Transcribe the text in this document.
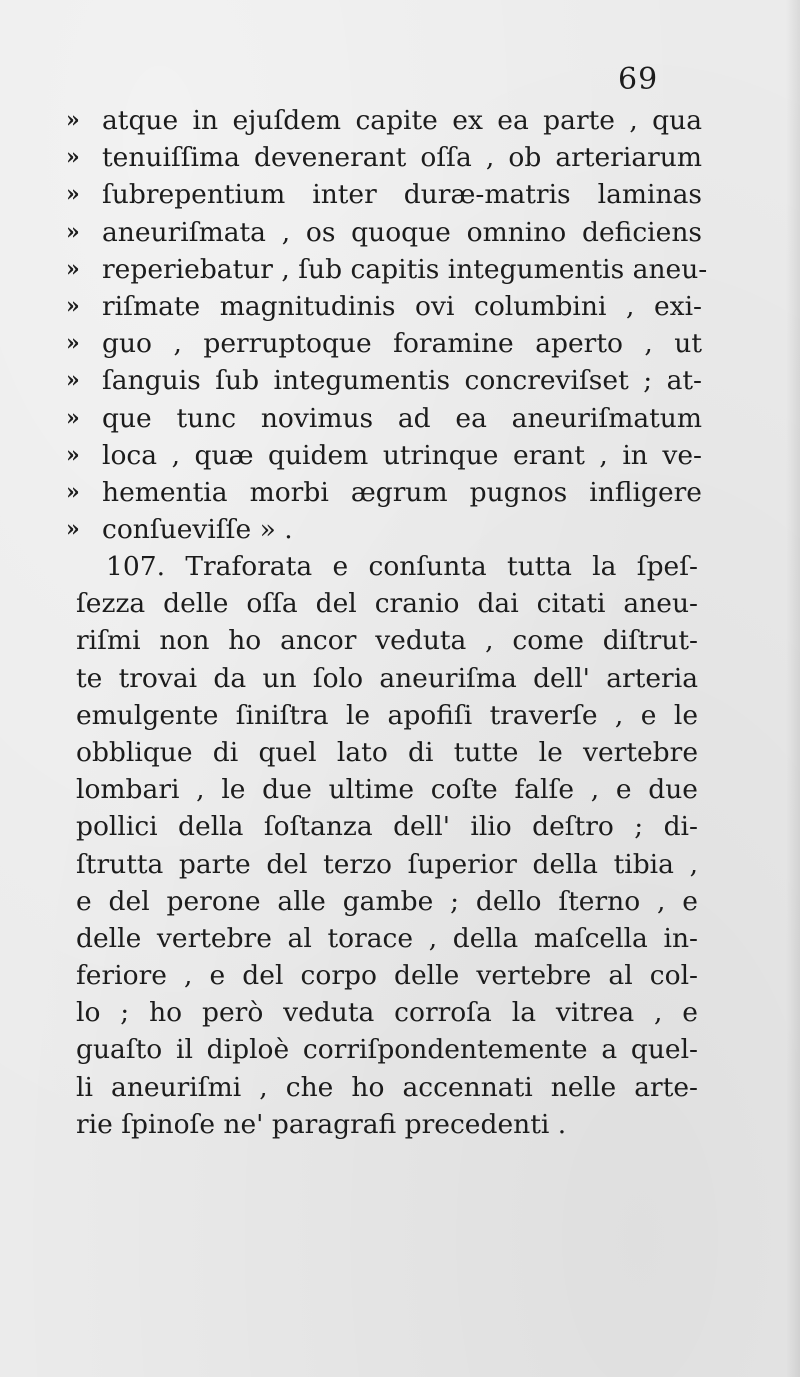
69
» atque in ejuſdem capite ex ea parte , qua
» tenuiſſima devenerant oſſa , ob arteriarum
» ſubrepentium inter duræ-matris laminas
» aneuriſmata , os quoque omnino deficiens
» reperiebatur , ſub capitis integumentis aneu-
» riſmate magnitudinis ovi columbini , exi-
» guo , perruptoque foramine aperto , ut
» ſanguis ſub integumentis concreviſset ; at-
» que tunc novimus ad ea aneuriſmatum
» loca , quæ quidem utrinque erant , in ve-
» hementia morbi ægrum pugnos infligere
» conſueviſſe » .
107. Traforata e conſunta tutta la ſpeſ-
ſezza delle oſſa del cranio dai citati aneu-
riſmi non ho ancor veduta , come diſtrut-
te trovai da un ſolo aneuriſma dell' arteria
emulgente ſiniſtra le apofiſi traverſe , e le
obblique di quel lato di tutte le vertebre
lombari , le due ultime coſte falſe , e due
pollici della ſoſtanza dell' ilio deſtro ; di-
ſtrutta parte del terzo ſuperior della tibia ,
e del perone alle gambe ; dello ſterno , e
delle vertebre al torace , della maſcella in-
feriore , e del corpo delle vertebre al col-
lo ; ho però veduta corroſa la vitrea , e
guaſto il diploè corriſpondentemente a quel-
li aneuriſmi , che ho accennati nelle arte-
rie ſpinoſe ne' paragrafi precedenti .
